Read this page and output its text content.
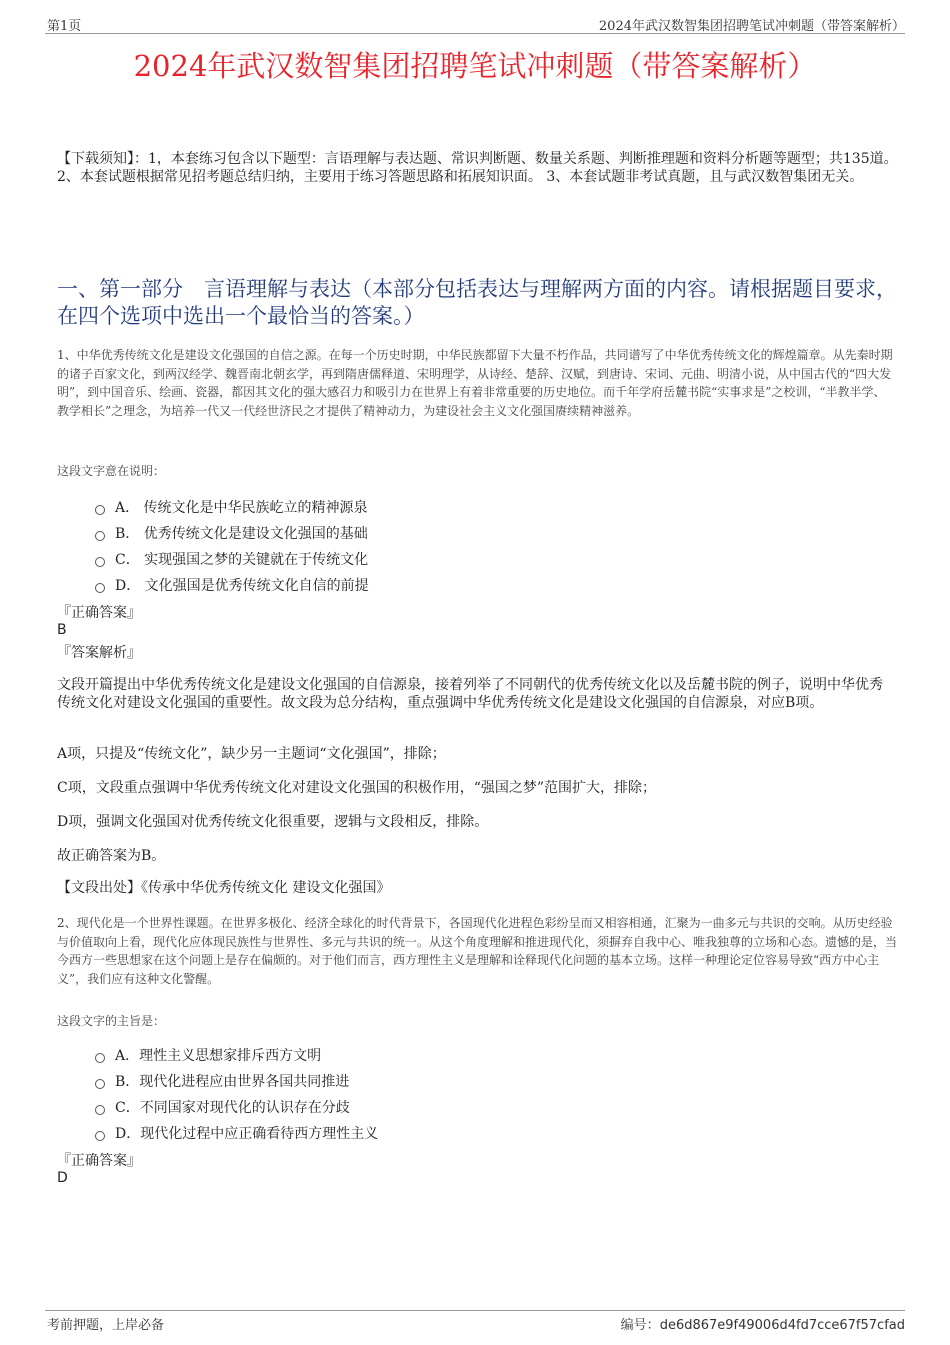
第1页	2024年武汉数智集团招聘笔试冲刺题（带答案解析）
2024年武汉数智集团招聘笔试冲刺题（带答案解析）
【下载须知】：1，本套练习包含以下题型：言语理解与表达题、常识判断题、数量关系题、判断推理题和资料分析题等题型；共135道。 2、本套试题根据常见招考题总结归纳，主要用于练习答题思路和拓展知识面。 3、本套试题非考试真题，且与武汉数智集团无关。
一、第一部分　言语理解与表达（本部分包括表达与理解两方面的内容。请根据题目要求，在四个选项中选出一个最恰当的答案。）
1、中华优秀传统文化是建设文化强国的自信之源。在每一个历史时期，中华民族都留下大量不朽作品，共同谱写了中华优秀传统文化的辉煌篇章。从先秦时期的诸子百家文化，到两汉经学、魏晋南北朝玄学，再到隋唐儒释道、宋明理学，从诗经、楚辞、汉赋，到唐诗、宋词、元曲、明清小说，从中国古代的“四大发明”，到中国音乐、绘画、瓷器，都因其文化的强大感召力和吸引力在世界上有着非常重要的历史地位。而千年学府岳麓书院“实事求是”之校训，“半教半学、教学相长”之理念，为培养一代又一代经世济民之才提供了精神动力，为建设社会主义文化强国赓续精神滋养。
这段文字意在说明：
A． 传统文化是中华民族屹立的精神源泉
B． 优秀传统文化是建设文化强国的基础
C． 实现强国之梦的关键就在于传统文化
D． 文化强国是优秀传统文化自信的前提
『正确答案』
B
『答案解析』
文段开篇提出中华优秀传统文化是建设文化强国的自信源泉，接着列举了不同朝代的优秀传统文化以及岳麓书院的例子，说明中华优秀传统文化对建设文化强国的重要性。故文段为总分结构，重点强调中华优秀传统文化是建设文化强国的自信源泉，对应B项。
A项，只提及“传统文化”，缺少另一主题词“文化强国”，排除；
C项，文段重点强调中华优秀传统文化对建设文化强国的积极作用，“强国之梦”范围扩大，排除；
D项，强调文化强国对优秀传统文化很重要，逻辑与文段相反，排除。
故正确答案为B。
【文段出处】《传承中华优秀传统文化 建设文化强国》
2、现代化是一个世界性课题。在世界多极化、经济全球化的时代背景下，各国现代化进程色彩纷呈而又相容相通，汇聚为一曲多元与共识的交响。从历史经验与价值取向上看，现代化应体现民族性与世界性、多元与共识的统一。从这个角度理解和推进现代化，须摒弃自我中心、唯我独尊的立场和心态。遗憾的是，当今西方一些思想家在这个问题上是存在偏颇的。对于他们而言，西方理性主义是理解和诠释现代化问题的基本立场。这样一种理论定位容易导致“西方中心主义”，我们应有这种文化警醒。
这段文字的主旨是：
A．理性主义思想家排斥西方文明
B．现代化进程应由世界各国共同推进
C．不同国家对现代化的认识存在分歧
D．现代化过程中应正确看待西方理性主义
『正确答案』
D
考前押题，上岸必备	编号：de6d867e9f49006d4fd7cce67f57cfad
